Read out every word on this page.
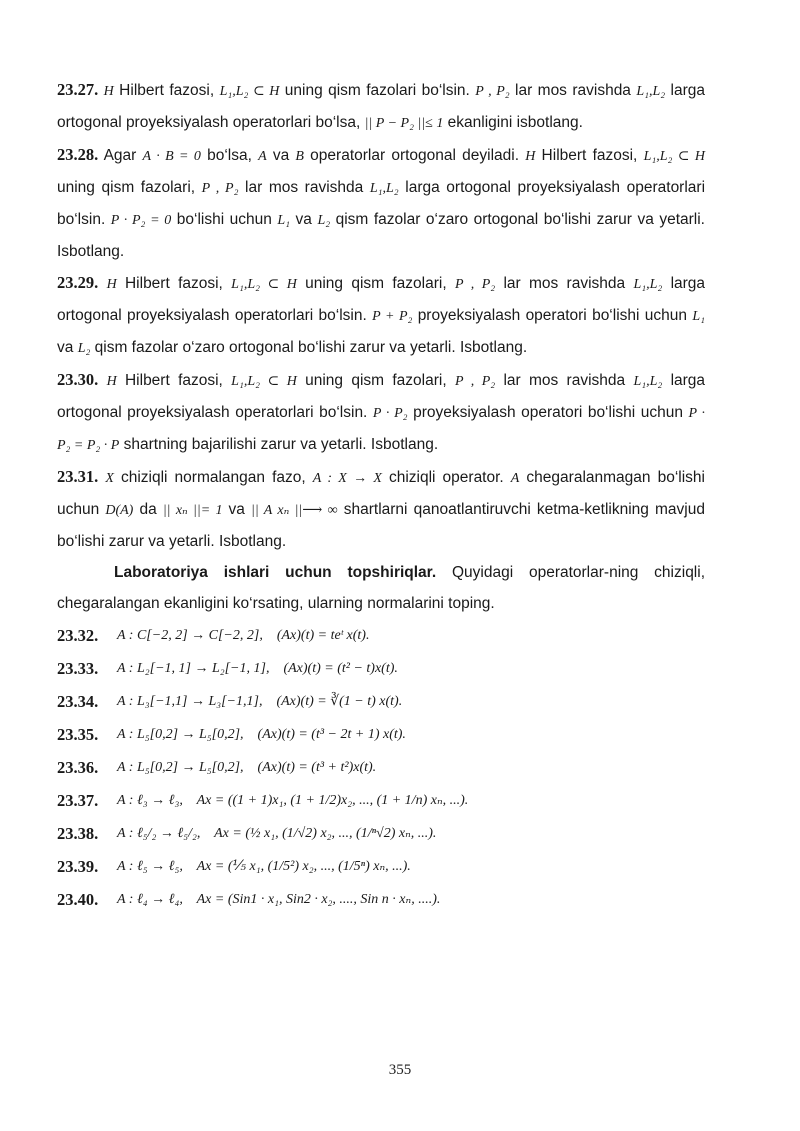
23.27. H Hilbert fazosi, L₁,L₂ ⊂ H uning qism fazolari bo‘lsin. P , P₂ lar mos ravishda L₁,L₂ larga ortogonal proyeksiyalash operatorlari bo‘lsa, || P − P₂ ||≤ 1 ekanligini isbotlang.

23.28. Agar A · B = 0 bo‘lsa, A va B operatorlar ortogonal deyiladi. H Hilbert fazosi, L₁,L₂ ⊂ H uning qism fazolari, P , P₂ lar mos ravishda L₁,L₂ larga ortogonal proyeksiyalash operatorlari bo‘lsin. P · P₂ = 0 bo‘lishi uchun L₁ va L₂ qism fazolar o‘zaro ortogonal bo‘lishi zarur va yetarli. Isbotlang.

23.29. H Hilbert fazosi, L₁,L₂ ⊂ H uning qism fazolari, P , P₂ lar mos ravishda L₁,L₂ larga ortogonal proyeksiyalash operatorlari bo‘lsin. P + P₂ proyeksiyalash operatori bo‘lishi uchun L₁ va L₂ qism fazolar o‘zaro ortogonal bo‘lishi zarur va yetarli. Isbotlang.

23.30. H Hilbert fazosi, L₁,L₂ ⊂ H uning qism fazolari, P , P₂ lar mos ravishda L₁,L₂ larga ortogonal proyeksiyalash operatorlari bo‘lsin. P · P₂ proyeksiyalash operatori bo‘lishi uchun P · P₂ = P₂ · P shartning bajarilishi zarur va yetarli. Isbotlang.

23.31. X chiziqli normalangan fazo, A : X → X chiziqli operator. A chegaralanmagan bo‘lishi uchun D(A) da || xₙ ||= 1 va || A xₙ ||⟶ ∞ shartlarni qanoatlantiruvchi ketma-ketlikning mavjud bo‘lishi zarur va yetarli. Isbotlang.

Laboratoriya ishlari uchun topshiriqlar. Quyidagi operatorlar-ning chiziqli, chegaralangan ekanligini ko‘rsating, ularning normalarini toping.

23.32.	A : C[−2, 2] → C[−2, 2],    (Ax)(t) = teᵗ x(t).
23.33.	A : L₂[−1, 1] → L₂[−1, 1],    (Ax)(t) = (t² − t)x(t).
23.34.	A : L₃[−1,1] → L₃[−1,1],    (Ax)(t) = ∛(1 − t) x(t).
23.35.	A : L₅[0,2] → L₅[0,2],    (Ax)(t) = (t³ − 2t + 1) x(t).
23.36.	A : L₅[0,2] → L₅[0,2],    (Ax)(t) = (t³ + t²)x(t).
23.37.	A : ℓ₃ → ℓ₃,    Ax = ((1 + 1)x₁, (1 + 1/2)x₂, ..., (1 + 1/n) xₙ, ...).
23.38.	A : ℓ₅/₂ → ℓ₅/₂,    Ax = (½ x₁, (1/√2) x₂, ..., (1/ⁿ√2) xₙ, ...).
23.39.	A : ℓ₅ → ℓ₅,    Ax = (⅕ x₁, (1/5²) x₂, ..., (1/5ⁿ) xₙ, ...).
23.40.	A : ℓ₄ → ℓ₄,    Ax = (Sin1 · x₁, Sin2 · x₂, ...., Sin n · xₙ, ....).
355
